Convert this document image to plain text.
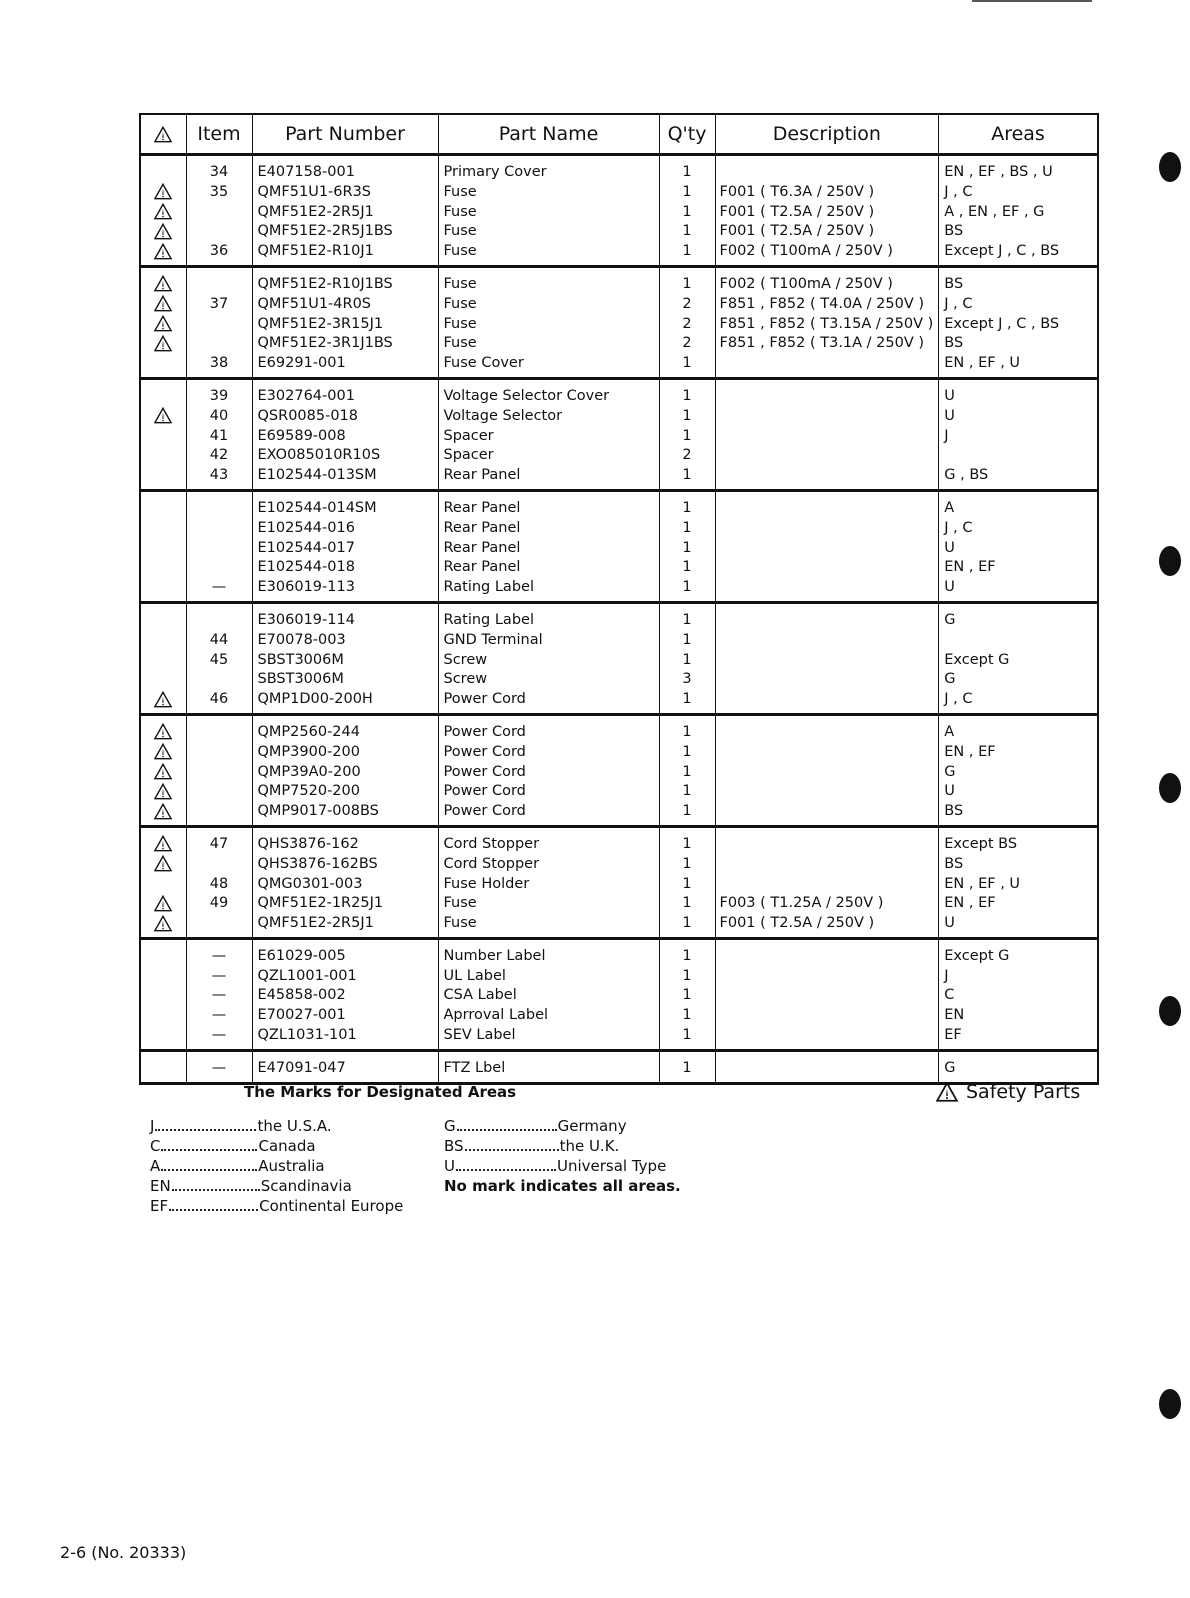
	Item	Part Number	Part Name	Q'ty	Description	Areas
	34	E407158-001	Primary Cover	1		EN , EF , BS , U
	35	QMF51U1-6R3S	Fuse	1	F001 ( T6.3A / 250V )	J , C
		QMF51E2-2R5J1	Fuse	1	F001 ( T2.5A / 250V )	A , EN , EF , G
		QMF51E2-2R5J1BS	Fuse	1	F001 ( T2.5A / 250V )	BS
	36	QMF51E2-R10J1	Fuse	1	F002 ( T100mA / 250V )	Except J , C , BS
		QMF51E2-R10J1BS	Fuse	1	F002 ( T100mA / 250V )	BS
	37	QMF51U1-4R0S	Fuse	2	F851 , F852 ( T4.0A / 250V )	J , C
		QMF51E2-3R15J1	Fuse	2	F851 , F852 ( T3.15A / 250V )	Except J , C , BS
		QMF51E2-3R1J1BS	Fuse	2	F851 , F852 ( T3.1A / 250V )	BS
	38	E69291-001	Fuse Cover	1		EN , EF , U
	39	E302764-001	Voltage Selector Cover	1		U
	40	QSR0085-018	Voltage Selector	1		U
	41	E69589-008	Spacer	1		J
	42	EXO085010R10S	Spacer	2		
	43	E102544-013SM	Rear Panel	1		G , BS
		E102544-014SM	Rear Panel	1		A
		E102544-016	Rear Panel	1		J , C
		E102544-017	Rear Panel	1		U
		E102544-018	Rear Panel	1		EN , EF
	—	E306019-113	Rating Label	1		U
		E306019-114	Rating Label	1		G
	44	E70078-003	GND Terminal	1		
	45	SBST3006M	Screw	1		Except G
		SBST3006M	Screw	3		G
	46	QMP1D00-200H	Power Cord	1		J , C
		QMP2560-244	Power Cord	1		A
		QMP3900-200	Power Cord	1		EN , EF
		QMP39A0-200	Power Cord	1		G
		QMP7520-200	Power Cord	1		U
		QMP9017-008BS	Power Cord	1		BS
	47	QHS3876-162	Cord Stopper	1		Except BS
		QHS3876-162BS	Cord Stopper	1		BS
	48	QMG0301-003	Fuse Holder	1		EN , EF , U
	49	QMF51E2-1R25J1	Fuse	1	F003 ( T1.25A / 250V )	EN , EF
		QMF51E2-2R5J1	Fuse	1	F001 ( T2.5A / 250V )	U
	—	E61029-005	Number Label	1		Except G
	—	QZL1001-001	UL Label	1		J
	—	E45858-002	CSA Label	1		C
	—	E70027-001	Aprroval Label	1		EN
	—	QZL1031-101	SEV Label	1		EF
	—	E47091-047	FTZ Lbel	1		G
The Marks for Designated Areas	Safety Parts
J	the U.S.A.
C	Canada
A	Australia
EN	Scandinavia
EF	Continental Europe
G	Germany
BS	the U.K.
U	Universal Type
No mark indicates all areas.
2-6 (No. 20333)
